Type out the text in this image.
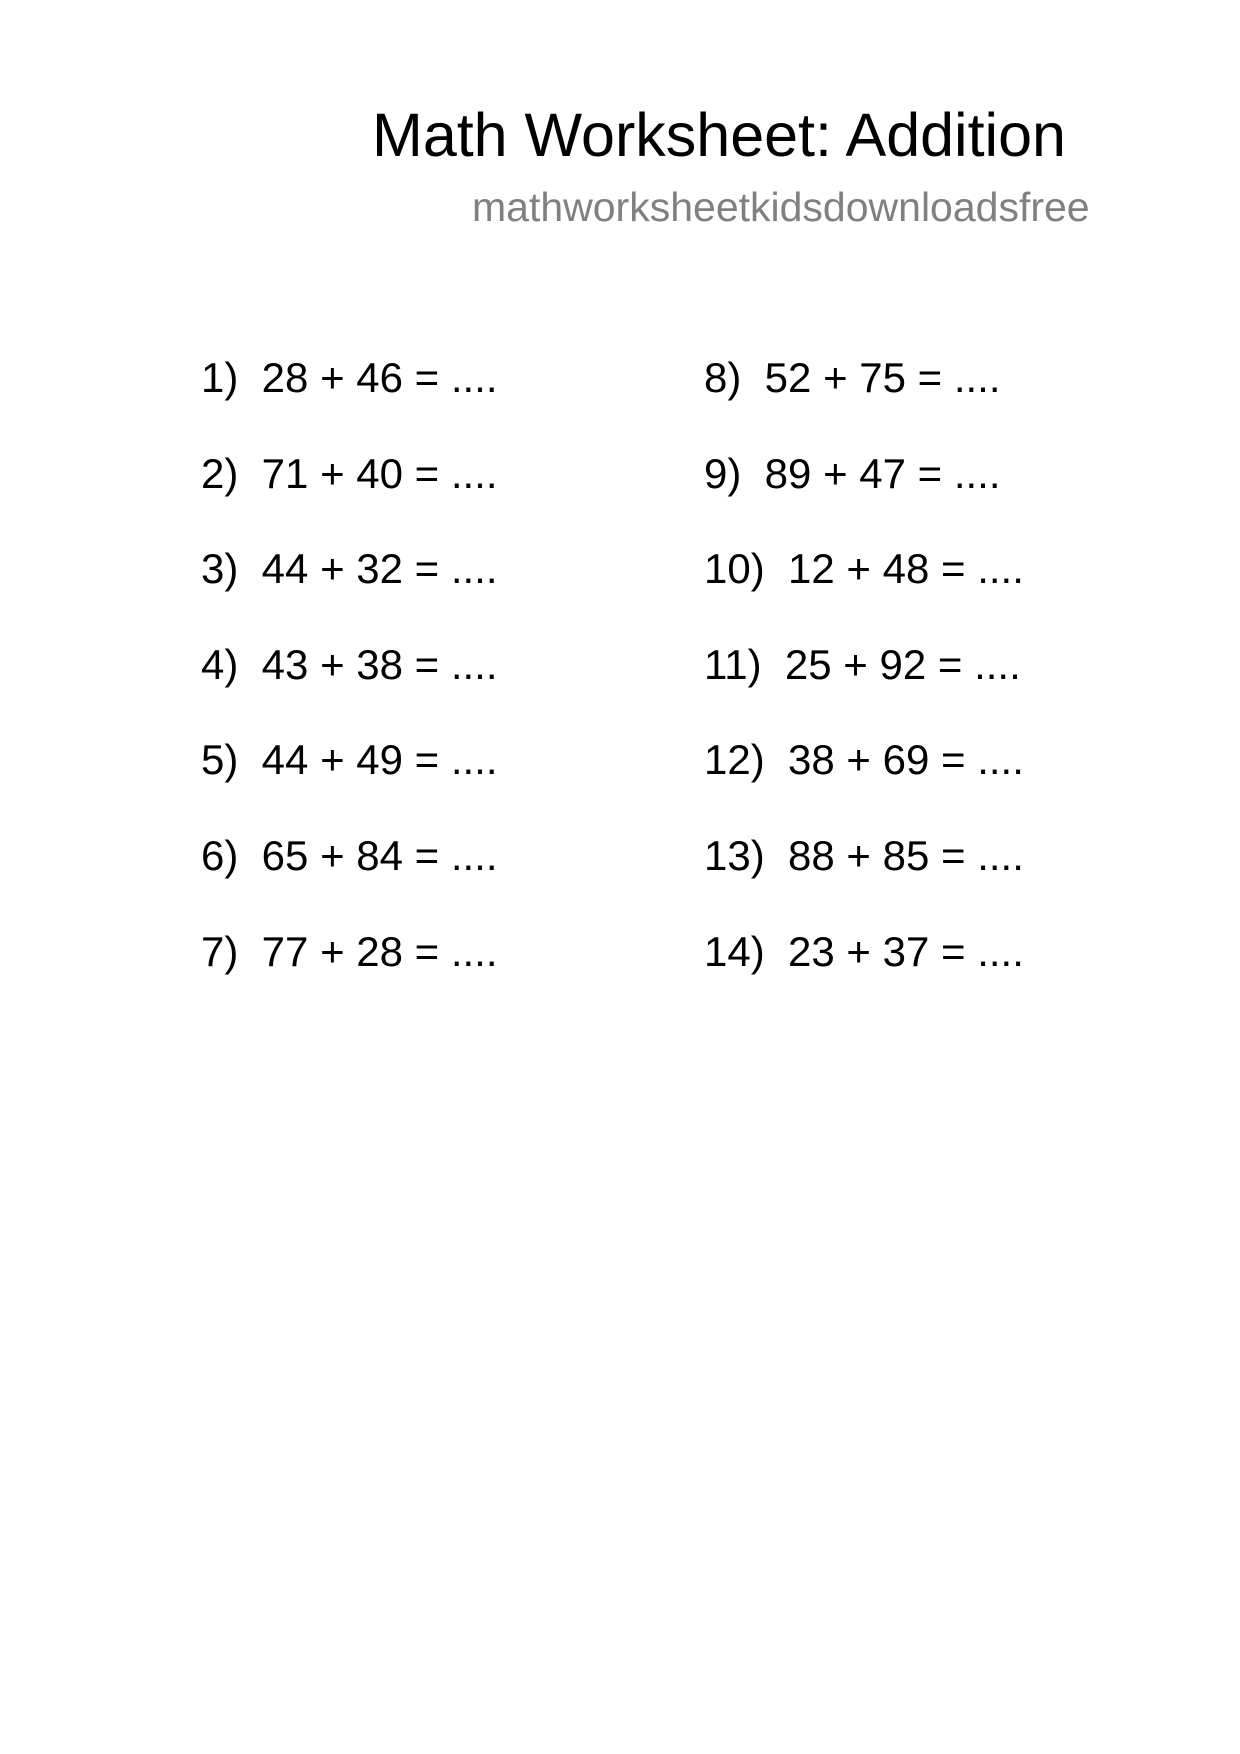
Math Worksheet: Addition
mathworksheetkidsdownloadsfree
1)  28 + 46 = ....
2)  71 + 40 = ....
3)  44 + 32 = ....
4)  43 + 38 = ....
5)  44 + 49 = ....
6)  65 + 84 = ....
7)  77 + 28 = ....
8)  52 + 75 = ....
9)  89 + 47 = ....
10)  12 + 48 = ....
11)  25 + 92 = ....
12)  38 + 69 = ....
13)  88 + 85 = ....
14)  23 + 37 = ....
